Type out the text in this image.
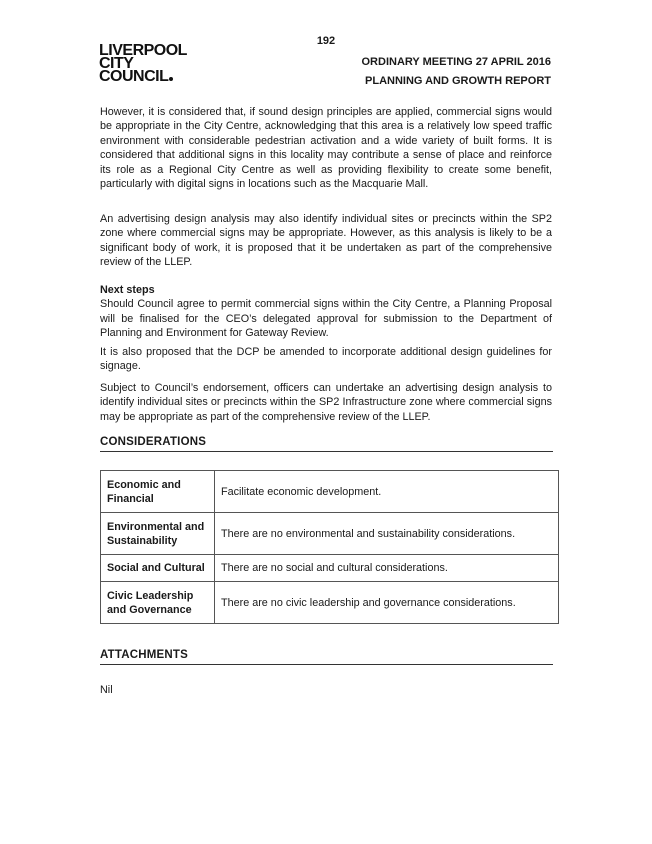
192
LIVERPOOL
CITY
COUNCIL
ORDINARY MEETING 27 APRIL 2016
PLANNING AND GROWTH REPORT

However, it is considered that, if sound design principles are applied, commercial signs would be appropriate in the City Centre, acknowledging that this area is a relatively low speed traffic environment with considerable pedestrian activation and a wide variety of built forms. It is considered that additional signs in this locality may contribute a sense of place and reinforce its role as a Regional City Centre as well as providing flexibility to create some benefit, particularly with digital signs in locations such as the Macquarie Mall.

An advertising design analysis may also identify individual sites or precincts within the SP2 zone where commercial signs may be appropriate. However, as this analysis is likely to be a significant body of work, it is proposed that it be undertaken as part of the comprehensive review of the LLEP.

Next steps

Should Council agree to permit commercial signs within the City Centre, a Planning Proposal will be finalised for the CEO’s delegated approval for submission to the Department of Planning and Environment for Gateway Review.

It is also proposed that the DCP be amended to incorporate additional design guidelines for signage.

Subject to Council’s endorsement, officers can undertake an advertising design analysis to identify individual sites or precincts within the SP2 Infrastructure zone where commercial signs may be appropriate as part of the comprehensive review of the LLEP.

CONSIDERATIONS
Economic and Financial	Facilitate economic development.
Environmental and Sustainability	There are no environmental and sustainability considerations.
Social and Cultural	There are no social and cultural considerations.
Civic Leadership and Governance	There are no civic leadership and governance considerations.
ATTACHMENTS
Nil
